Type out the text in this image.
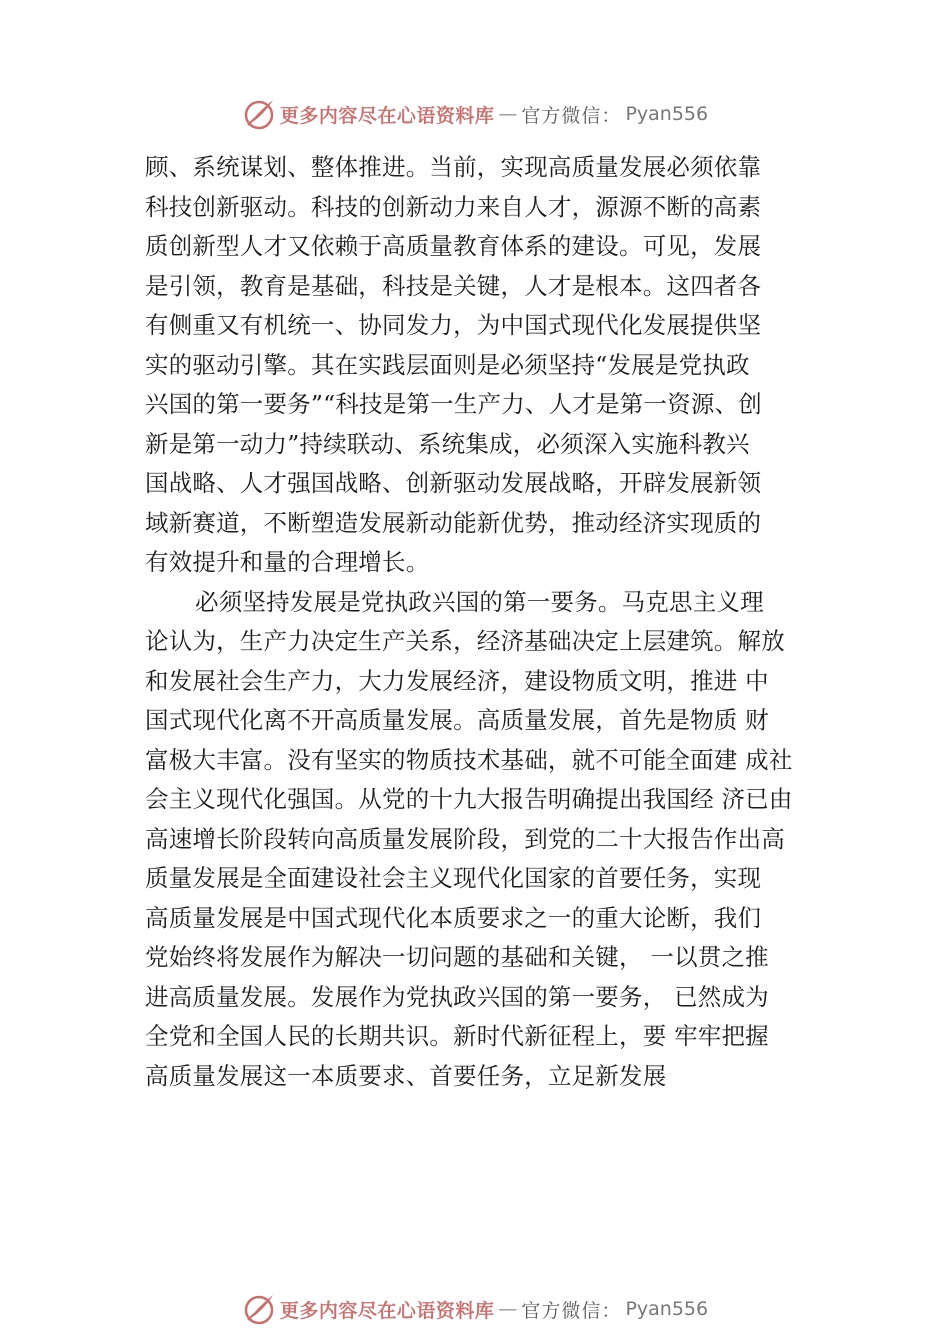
更多内容尽在心语资料库 — 官方微信： Pyan556
顾、系统谋划、整体推进。当前，实现高质量发展必须依靠
科技创新驱动。科技的创新动力来自人才，源源不断的高素
质创新型人才又依赖于高质量教育体系的建设。可见，发展
是引领，教育是基础，科技是关键，人才是根本。这四者各
有侧重又有机统一、协同发力，为中国式现代化发展提供坚
实的驱动引擎。其在实践层面则是必须坚持“发展是党执政
兴国的第一要务”“科技是第一生产力、人才是第一资源、创
新是第一动力”持续联动、系统集成，必须深入实施科教兴
国战略、人才强国战略、创新驱动发展战略，开辟发展新领
域新赛道，不断塑造发展新动能新优势，推动经济实现质的
有效提升和量的合理增长。
必须坚持发展是党执政兴国的第一要务。马克思主义理
论认为，生产力决定生产关系，经济基础决定上层建筑。解放
和发展社会生产力，大力发展经济，建设物质文明，推进 中
国式现代化离不开高质量发展。高质量发展，首先是物质 财
富极大丰富。没有坚实的物质技术基础，就不可能全面建 成社
会主义现代化强国。从党的十九大报告明确提出我国经 济已由
高速增长阶段转向高质量发展阶段，到党的二十大报告作出高
质量发展是全面建设社会主义现代化国家的首要任务，实现
高质量发展是中国式现代化本质要求之一的重大论断，我们
党始终将发展作为解决一切问题的基础和关键， 一以贯之推
进高质量发展。发展作为党执政兴国的第一要务， 已然成为
全党和全国人民的长期共识。新时代新征程上，要 牢牢把握
高质量发展这一本质要求、首要任务，立足新发展
更多内容尽在心语资料库 — 官方微信： Pyan556
